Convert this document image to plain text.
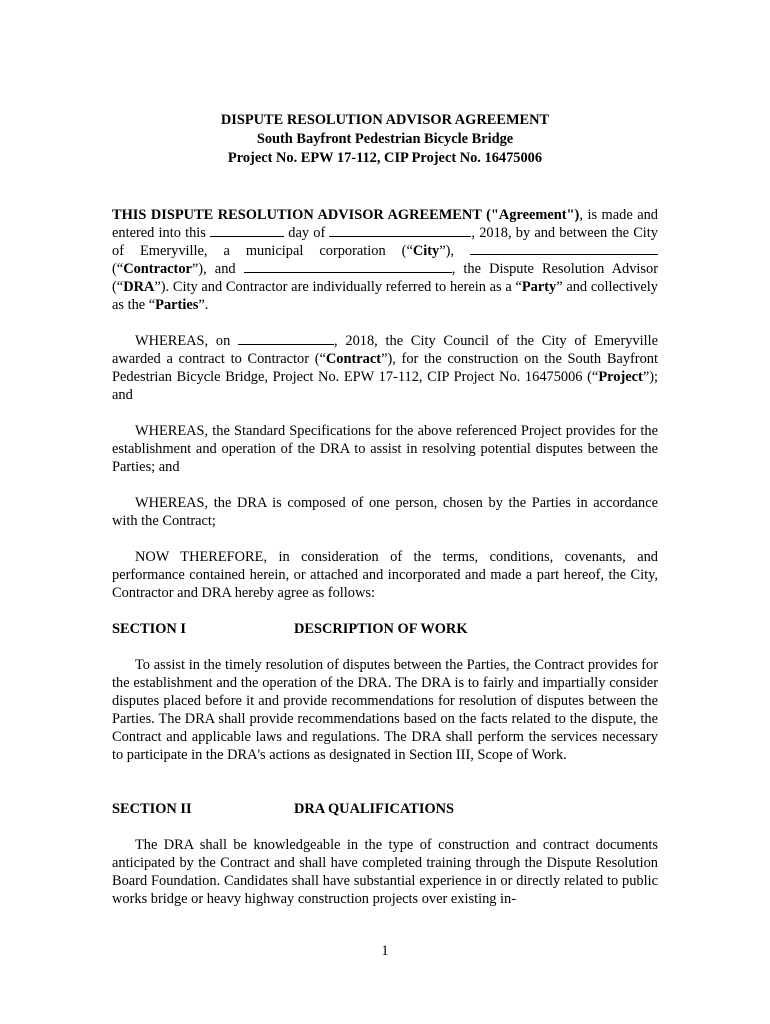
DISPUTE RESOLUTION ADVISOR AGREEMENT
South Bayfront Pedestrian Bicycle Bridge
Project No. EPW 17-112, CIP Project No. 16475006
THIS DISPUTE RESOLUTION ADVISOR AGREEMENT ("Agreement"), is made and entered into this	day of	, 2018, by and between the City of Emeryville, a municipal corporation (“City”),  (“Contractor”), and	, the Dispute Resolution Advisor (“DRA”). City and Contractor are individually referred to herein as a “Party” and collectively as the “Parties”.
WHEREAS, on	, 2018, the City Council of the City of Emeryville awarded a contract to Contractor (“Contract”), for the construction on the South Bayfront Pedestrian Bicycle Bridge, Project No. EPW 17-112, CIP Project No. 16475006 (“Project”); and
WHEREAS, the Standard Specifications for the above referenced Project provides for the establishment and operation of the DRA to assist in resolving potential disputes between the Parties; and
WHEREAS, the DRA is composed of one person, chosen by the Parties in accordance with the Contract;
NOW THEREFORE, in consideration of the terms, conditions, covenants, and performance contained herein, or attached and incorporated and made a part hereof, the City, Contractor and DRA hereby agree as follows:
SECTION I	DESCRIPTION OF WORK
To assist in the timely resolution of disputes between the Parties, the Contract provides for the establishment and the operation of the DRA. The DRA is to fairly and impartially consider disputes placed before it and provide recommendations for resolution of disputes between the Parties. The DRA shall provide recommendations based on the facts related to the dispute, the Contract and applicable laws and regulations. The DRA shall perform the services necessary to participate in the DRA's actions as designated in Section III, Scope of Work.
SECTION II	DRA QUALIFICATIONS
The DRA shall be knowledgeable in the type of construction and contract documents anticipated by the Contract and shall have completed training through the Dispute Resolution Board Foundation. Candidates shall have substantial experience in or directly related to public works bridge or heavy highway construction projects over existing in-
1
